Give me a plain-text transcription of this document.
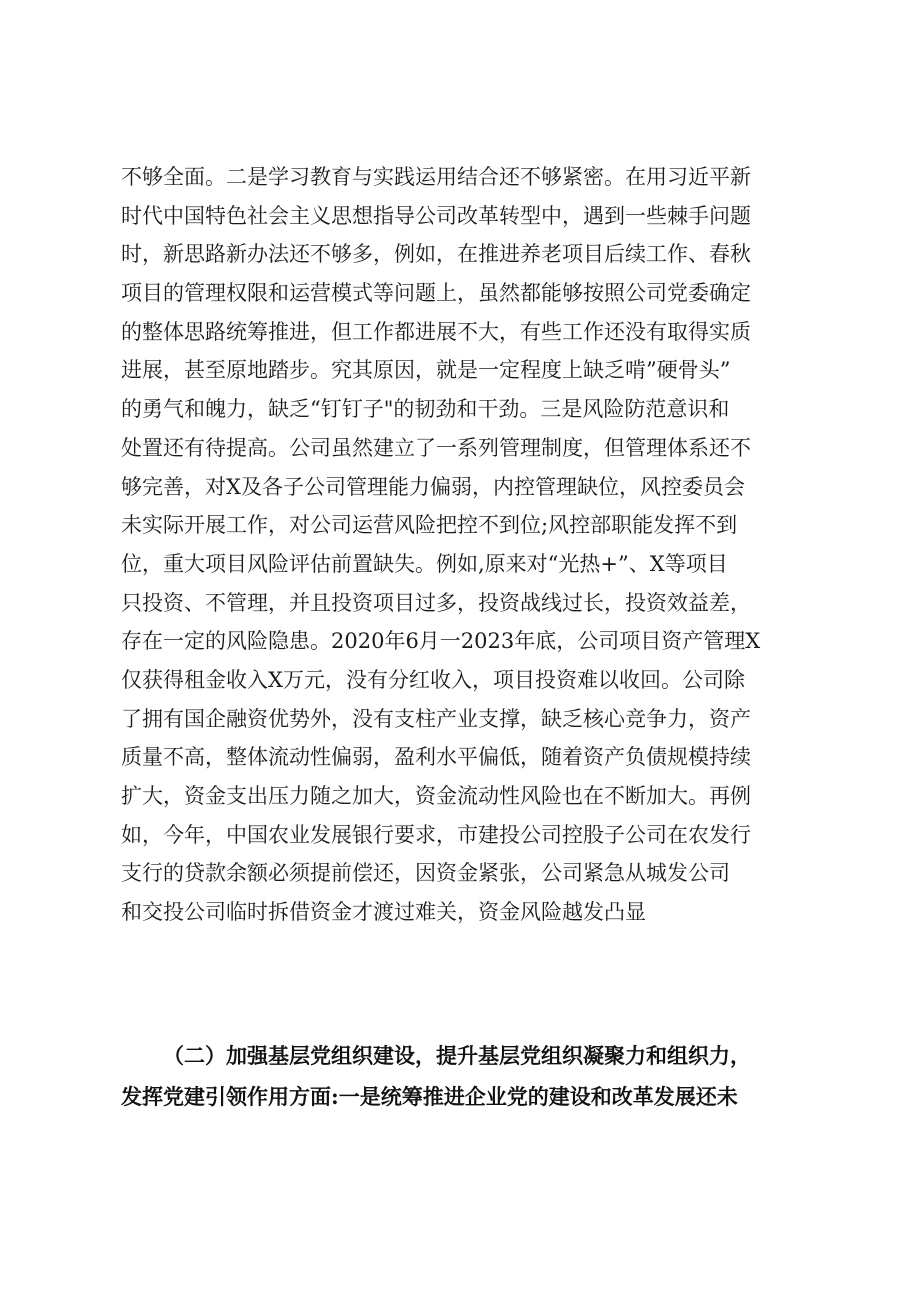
不够全面。二是学习教育与实践运用结合还不够紧密。在用习近平新
时代中国特色社会主义思想指导公司改革转型中，遇到一些棘手问题
时，新思路新办法还不够多，例如，在推进养老项目后续工作、春秋
项目的管理权限和运营模式等问题上，虽然都能够按照公司党委确定
的整体思路统筹推进，但工作都进展不大，有些工作还没有取得实质
进展，甚至原地踏步。究其原因，就是一定程度上缺乏啃”硬骨头”
的勇气和魄力，缺乏“钉钉子"的韧劲和干劲。三是风险防范意识和
处置还有待提高。公司虽然建立了一系列管理制度，但管理体系还不
够完善，对X及各子公司管理能力偏弱，内控管理缺位，风控委员会
未实际开展工作，对公司运营风险把控不到位;风控部职能发挥不到
位，重大项目风险评估前置缺失。例如,原来对“光热+”、X等项目
只投资、不管理，并且投资项目过多，投资战线过长，投资效益差，
存在一定的风险隐患。2020年6月一2023年底，公司项目资产管理X
仅获得租金收入X万元，没有分红收入，项目投资难以收回。公司除
了拥有国企融资优势外，没有支柱产业支撑，缺乏核心竞争力，资产
质量不高，整体流动性偏弱，盈利水平偏低，随着资产负债规模持续
扩大，资金支出压力随之加大，资金流动性风险也在不断加大。再例
如，今年，中国农业发展银行要求，市建投公司控股子公司在农发行
支行的贷款余额必须提前偿还，因资金紧张，公司紧急从城发公司
和交投公司临时拆借资金才渡过难关，资金风险越发凸显
（二）加强基层党组织建设，提升基层党组织凝聚力和组织力，
发挥党建引领作用方面:一是统筹推进企业党的建设和改革发展还未
